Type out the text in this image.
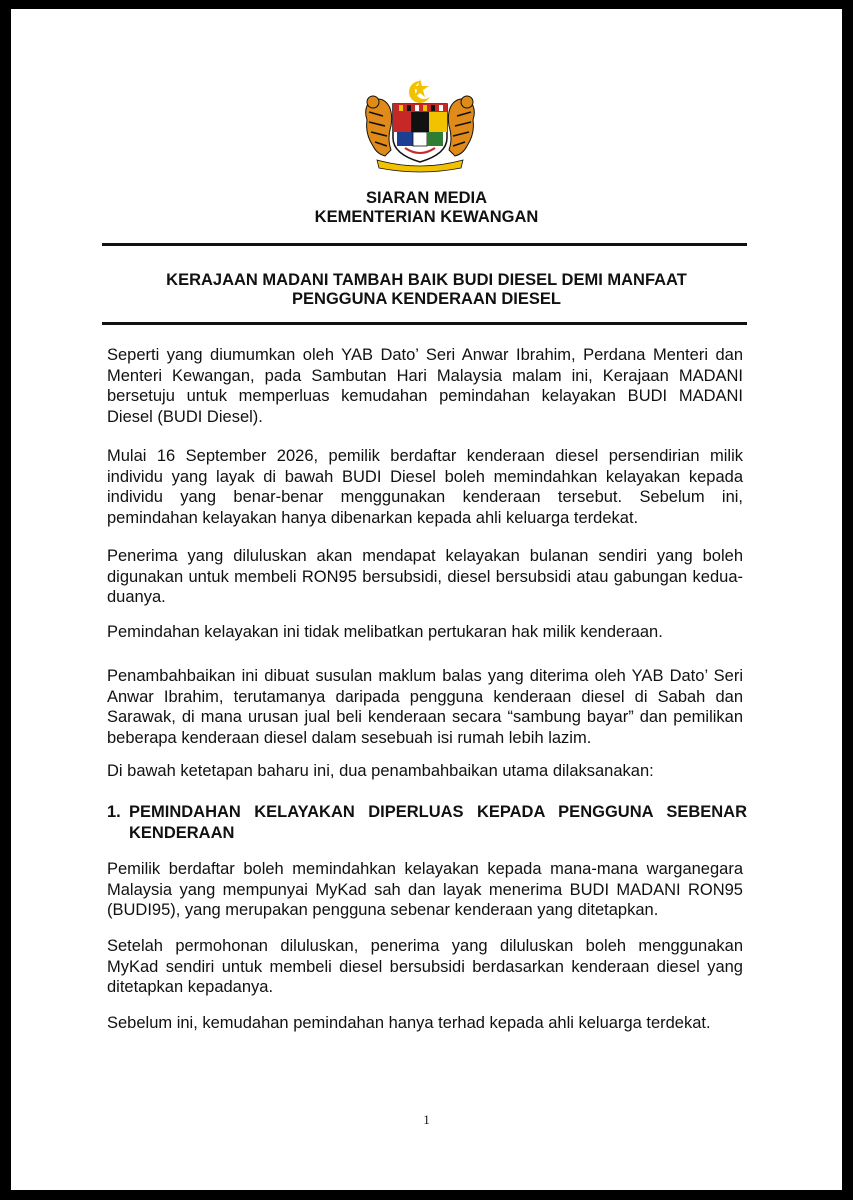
SIARAN MEDIA
KEMENTERIAN KEWANGAN
KERAJAAN MADANI TAMBAH BAIK BUDI DIESEL DEMI MANFAAT
PENGGUNA KENDERAAN DIESEL

Seperti yang diumumkan oleh YAB Dato’ Seri Anwar Ibrahim, Perdana Menteri dan Menteri Kewangan, pada Sambutan Hari Malaysia malam ini, Kerajaan MADANI bersetuju untuk memperluas kemudahan pemindahan kelayakan BUDI MADANI Diesel (BUDI Diesel).

Mulai 16 September 2026, pemilik berdaftar kenderaan diesel persendirian milik individu yang layak di bawah BUDI Diesel boleh memindahkan kelayakan kepada individu yang benar-benar menggunakan kenderaan tersebut. Sebelum ini, pemindahan kelayakan hanya dibenarkan kepada ahli keluarga terdekat.

Penerima yang diluluskan akan mendapat kelayakan bulanan sendiri yang boleh digunakan untuk membeli RON95 bersubsidi, diesel bersubsidi atau gabungan kedua-duanya.

Pemindahan kelayakan ini tidak melibatkan pertukaran hak milik kenderaan.

Penambahbaikan ini dibuat susulan maklum balas yang diterima oleh YAB Dato’ Seri Anwar Ibrahim, terutamanya daripada pengguna kenderaan diesel di Sabah dan Sarawak, di mana urusan jual beli kenderaan secara “sambung bayar” dan pemilikan beberapa kenderaan diesel dalam sesebuah isi rumah lebih lazim.

Di bawah ketetapan baharu ini, dua penambahbaikan utama dilaksanakan:

1. PEMINDAHAN KELAYAKAN DIPERLUAS KEPADA PENGGUNA SEBENAR KENDERAAN

Pemilik berdaftar boleh memindahkan kelayakan kepada mana-mana warganegara Malaysia yang mempunyai MyKad sah dan layak menerima BUDI MADANI RON95 (BUDI95), yang merupakan pengguna sebenar kenderaan yang ditetapkan.

Setelah permohonan diluluskan, penerima yang diluluskan boleh menggunakan MyKad sendiri untuk membeli diesel bersubsidi berdasarkan kenderaan diesel yang ditetapkan kepadanya.

Sebelum ini, kemudahan pemindahan hanya terhad kepada ahli keluarga terdekat.

1
